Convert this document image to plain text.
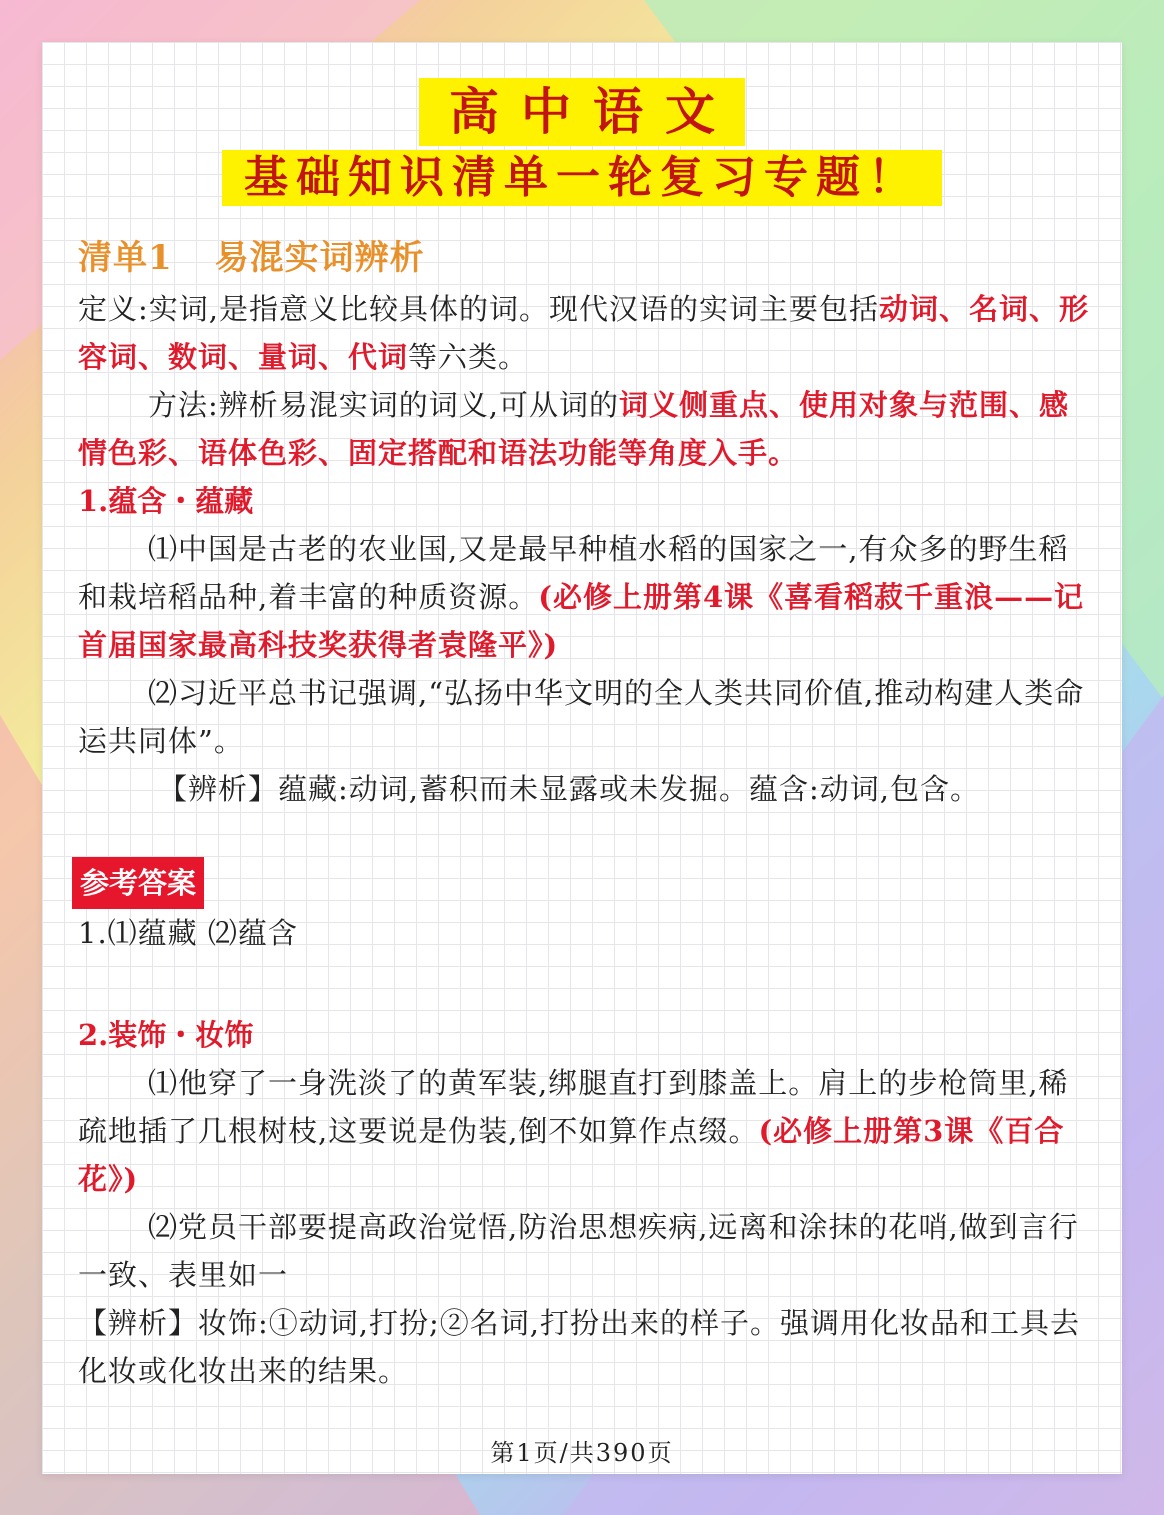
高中语文
基础知识清单一轮复习专题！
清单1 易混实词辨析

定义:实词,是指意义比较具体的词。现代汉语的实词主要包括动词、名词、形容词、数词、量词、代词等六类。

方法:辨析易混实词的词义,可从词的词义侧重点、使用对象与范围、感情色彩、语体色彩、固定搭配和语法功能等角度入手。

1.蕴含・蕴藏

⑴中国是古老的农业国,又是最早种植水稻的国家之一,有众多的野生稻和栽培稻品种,着丰富的种质资源。(必修上册第4课《喜看稻菽千重浪——记首届国家最高科技奖获得者袁隆平》)

⑵习近平总书记强调,“弘扬中华文明的全人类共同价值,推动构建人类命运共同体”。

【辨析】蕴藏:动词,蓄积而未显露或未发掘。蕴含:动词,包含。

参考答案

1.⑴蕴藏 ⑵蕴含

2.装饰・妆饰

⑴他穿了一身洗淡了的黄军装,绑腿直打到膝盖上。肩上的步枪筒里,稀疏地插了几根树枝,这要说是伪装,倒不如算作点缀。(必修上册第3课《百合花》)

⑵党员干部要提高政治觉悟,防治思想疾病,远离和涂抹的花哨,做到言行一致、表里如一

【辨析】妆饰:①动词,打扮;②名词,打扮出来的样子。强调用化妆品和工具去化妆或化妆出来的结果。

第1页/共390页
